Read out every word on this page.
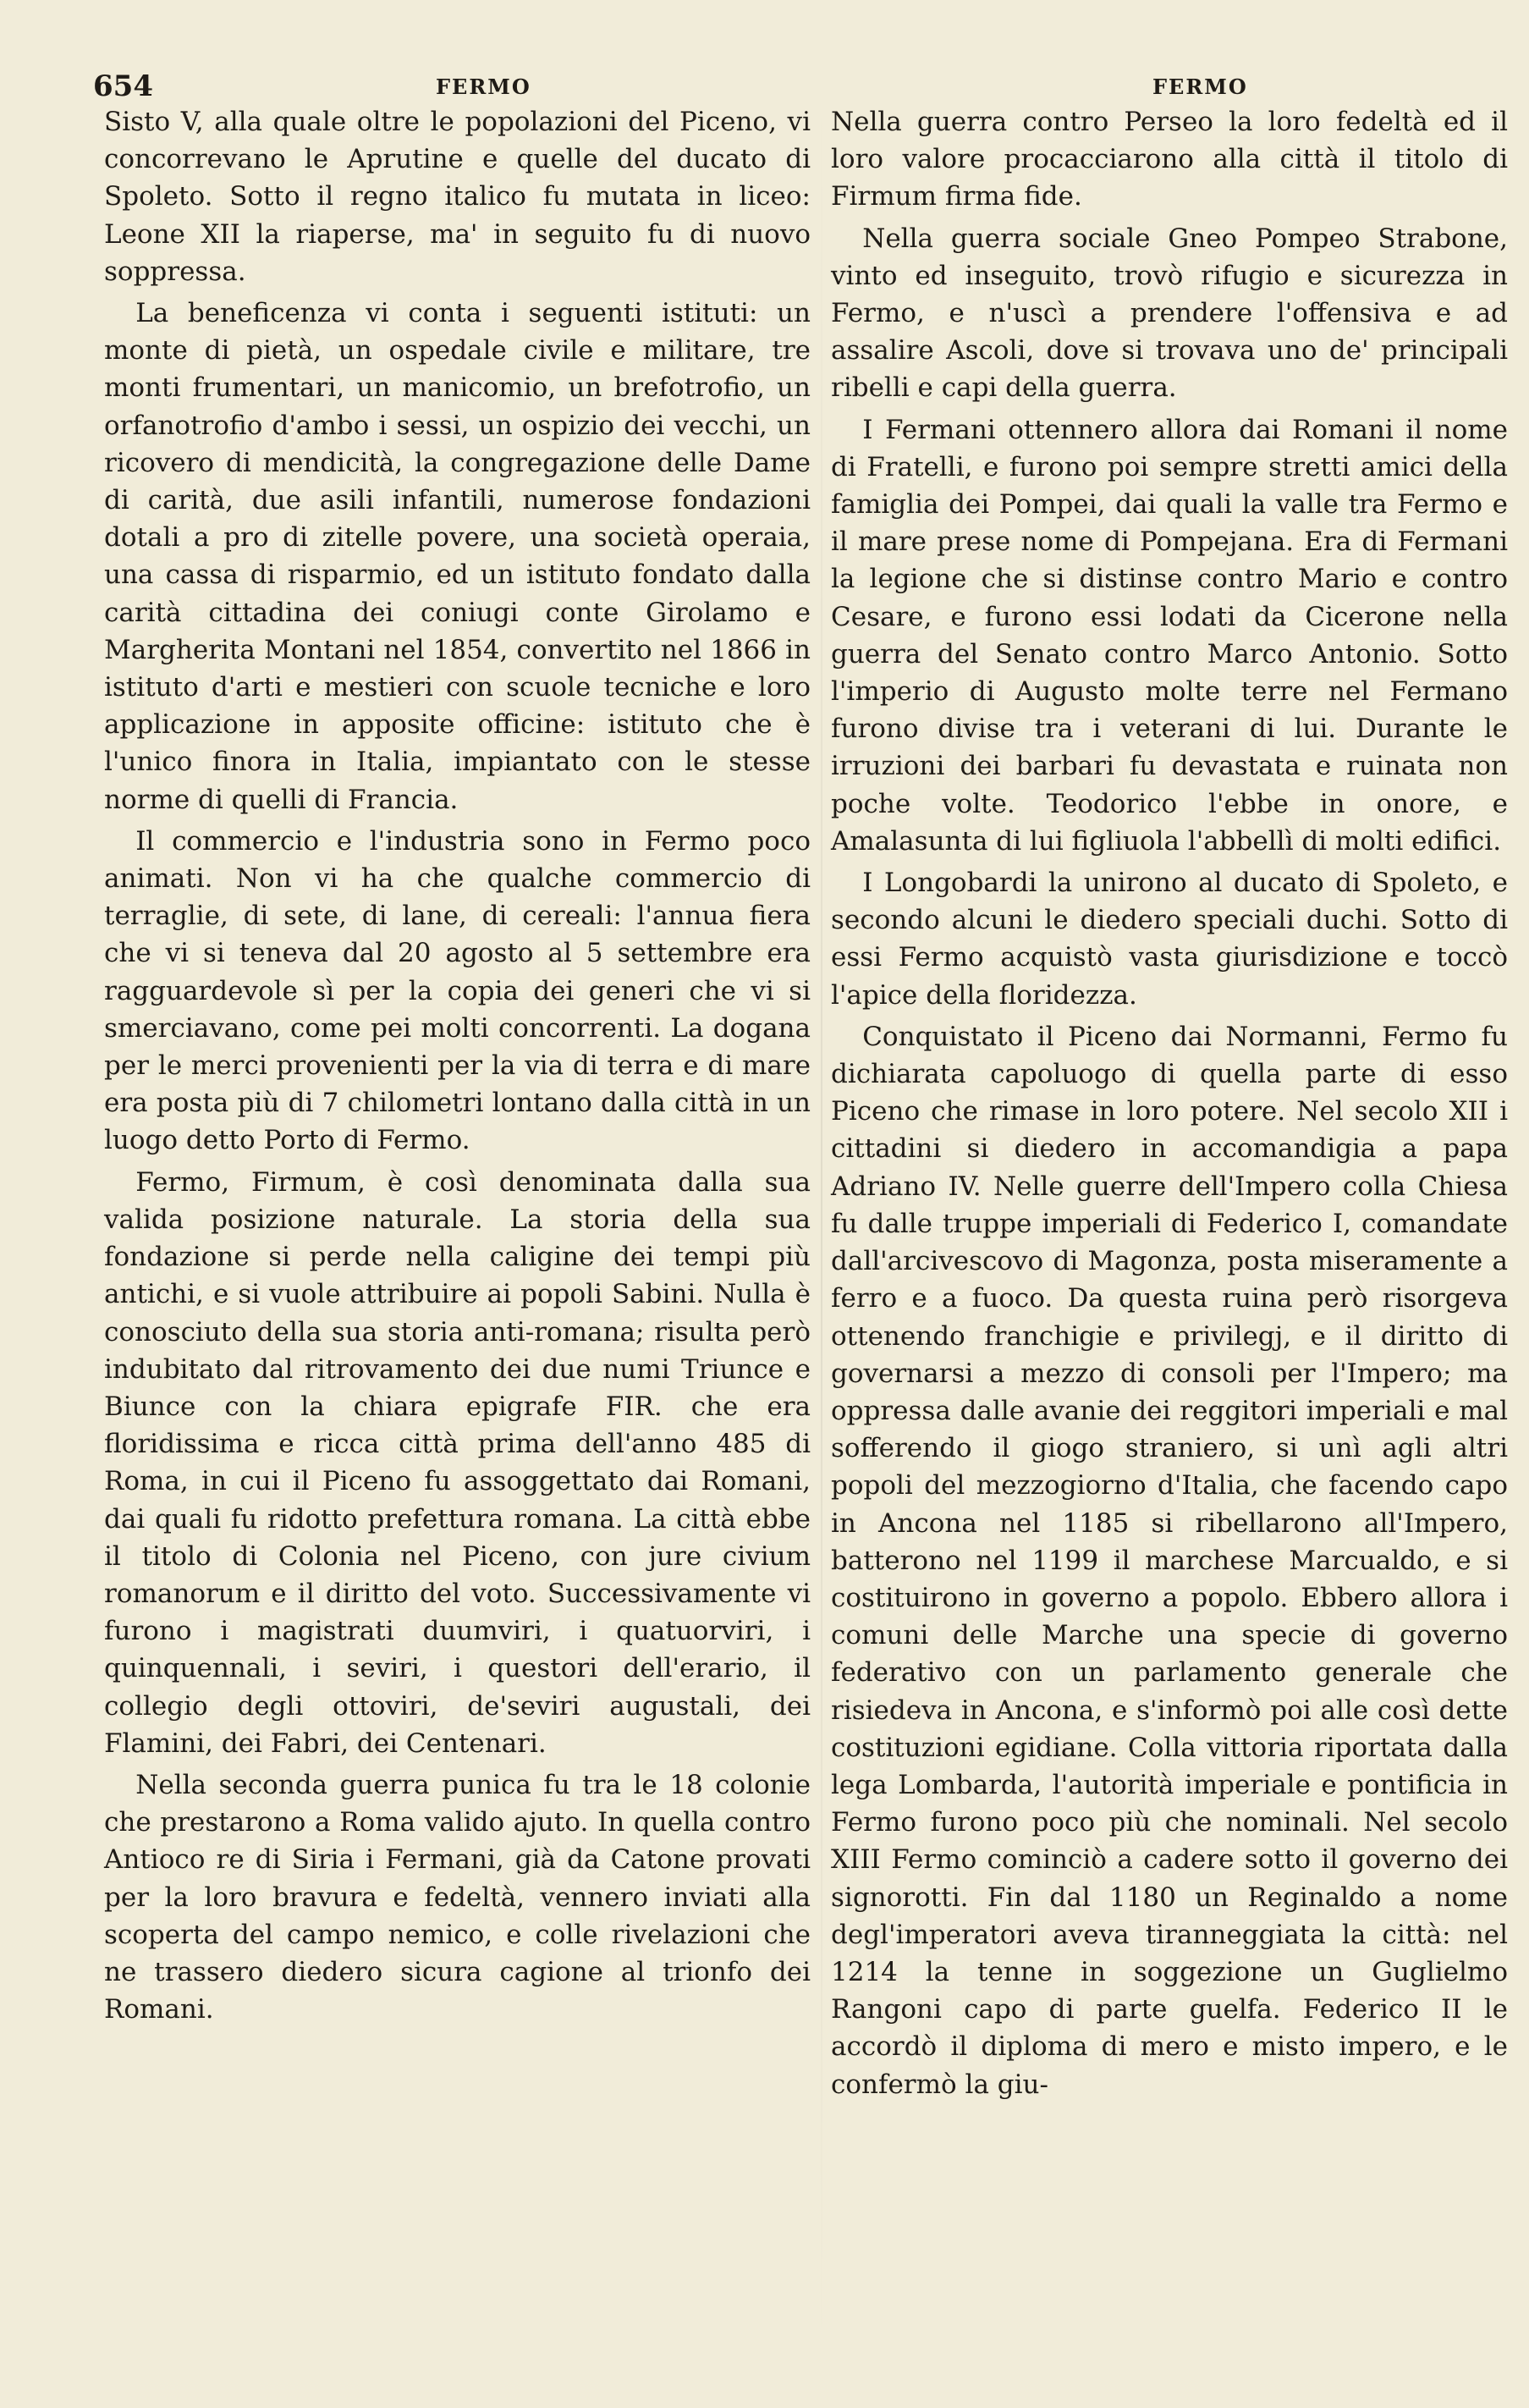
654	FERMO	FERMO

Sisto V, alla quale oltre le popolazioni del Piceno, vi concorrevano le Aprutine e quelle del ducato di Spoleto. Sotto il regno italico fu mutata in liceo: Leone XII la riaperse, ma' in seguito fu di nuovo soppressa.

La beneficenza vi conta i seguenti istituti: un monte di pietà, un ospedale civile e militare, tre monti frumentari, un manicomio, un brefotrofio, un orfanotrofio d'ambo i sessi, un ospizio dei vecchi, un ricovero di mendicità, la congregazione delle Dame di carità, due asili infantili, numerose fondazioni dotali a pro di zitelle povere, una società operaia, una cassa di risparmio, ed un istituto fondato dalla carità cittadina dei coniugi conte Girolamo e Margherita Montani nel 1854, convertito nel 1866 in istituto d'arti e mestieri con scuole tecniche e loro applicazione in apposite officine: istituto che è l'unico finora in Italia, impiantato con le stesse norme di quelli di Francia.

Il commercio e l'industria sono in Fermo poco animati. Non vi ha che qualche commercio di terraglie, di sete, di lane, di cereali: l'annua fiera che vi si teneva dal 20 agosto al 5 settembre era ragguardevole sì per la copia dei generi che vi si smerciavano, come pei molti concorrenti. La dogana per le merci provenienti per la via di terra e di mare era posta più di 7 chilometri lontano dalla città in un luogo detto Porto di Fermo.

Fermo, Firmum, è così denominata dalla sua valida posizione naturale. La storia della sua fondazione si perde nella caligine dei tempi più antichi, e si vuole attribuire ai popoli Sabini. Nulla è conosciuto della sua storia anti-romana; risulta però indubitato dal ritrovamento dei due numi Triunce e Biunce con la chiara epigrafe FIR. che era floridissima e ricca città prima dell'anno 485 di Roma, in cui il Piceno fu assoggettato dai Romani, dai quali fu ridotto prefettura romana. La città ebbe il titolo di Colonia nel Piceno, con jure civium romanorum e il diritto del voto. Successivamente vi furono i magistrati duumviri, i quatuorviri, i quinquennali, i seviri, i questori dell'erario, il collegio degli ottoviri, de'seviri augustali, dei Flamini, dei Fabri, dei Centenari.

Nella seconda guerra punica fu tra le 18 colonie che prestarono a Roma valido ajuto. In quella contro Antioco re di Siria i Fermani, già da Catone provati per la loro bravura e fedeltà, vennero inviati alla scoperta del campo nemico, e colle rivelazioni che ne trassero diedero sicura cagione al trionfo dei Romani.

Nella guerra contro Perseo la loro fedeltà ed il loro valore procacciarono alla città il titolo di Firmum firma fide.

Nella guerra sociale Gneo Pompeo Strabone, vinto ed inseguito, trovò rifugio e sicurezza in Fermo, e n'uscì a prendere l'offensiva e ad assalire Ascoli, dove si trovava uno de' principali ribelli e capi della guerra.

I Fermani ottennero allora dai Romani il nome di Fratelli, e furono poi sempre stretti amici della famiglia dei Pompei, dai quali la valle tra Fermo e il mare prese nome di Pompejana. Era di Fermani la legione che si distinse contro Mario e contro Cesare, e furono essi lodati da Cicerone nella guerra del Senato contro Marco Antonio. Sotto l'imperio di Augusto molte terre nel Fermano furono divise tra i veterani di lui. Durante le irruzioni dei barbari fu devastata e ruinata non poche volte. Teodorico l'ebbe in onore, e Amalasunta di lui figliuola l'abbellì di molti edifici.

I Longobardi la unirono al ducato di Spoleto, e secondo alcuni le diedero speciali duchi. Sotto di essi Fermo acquistò vasta giurisdizione e toccò l'apice della floridezza.

Conquistato il Piceno dai Normanni, Fermo fu dichiarata capoluogo di quella parte di esso Piceno che rimase in loro potere. Nel secolo XII i cittadini si diedero in accomandigia a papa Adriano IV. Nelle guerre dell'Impero colla Chiesa fu dalle truppe imperiali di Federico I, comandate dall'arcivescovo di Magonza, posta miseramente a ferro e a fuoco. Da questa ruina però risorgeva ottenendo franchigie e privilegj, e il diritto di governarsi a mezzo di consoli per l'Impero; ma oppressa dalle avanie dei reggitori imperiali e mal sofferendo il giogo straniero, si unì agli altri popoli del mezzogiorno d'Italia, che facendo capo in Ancona nel 1185 si ribellarono all'Impero, batterono nel 1199 il marchese Marcualdo, e si costituirono in governo a popolo. Ebbero allora i comuni delle Marche una specie di governo federativo con un parlamento generale che risiedeva in Ancona, e s'informò poi alle così dette costituzioni egidiane. Colla vittoria riportata dalla lega Lombarda, l'autorità imperiale e pontificia in Fermo furono poco più che nominali. Nel secolo XIII Fermo cominciò a cadere sotto il governo dei signorotti. Fin dal 1180 un Reginaldo a nome degl'imperatori aveva tiranneggiata la città: nel 1214 la tenne in soggezione un Guglielmo Rangoni capo di parte guelfa. Federico II le accordò il diploma di mero e misto impero, e le confermò la giu-
